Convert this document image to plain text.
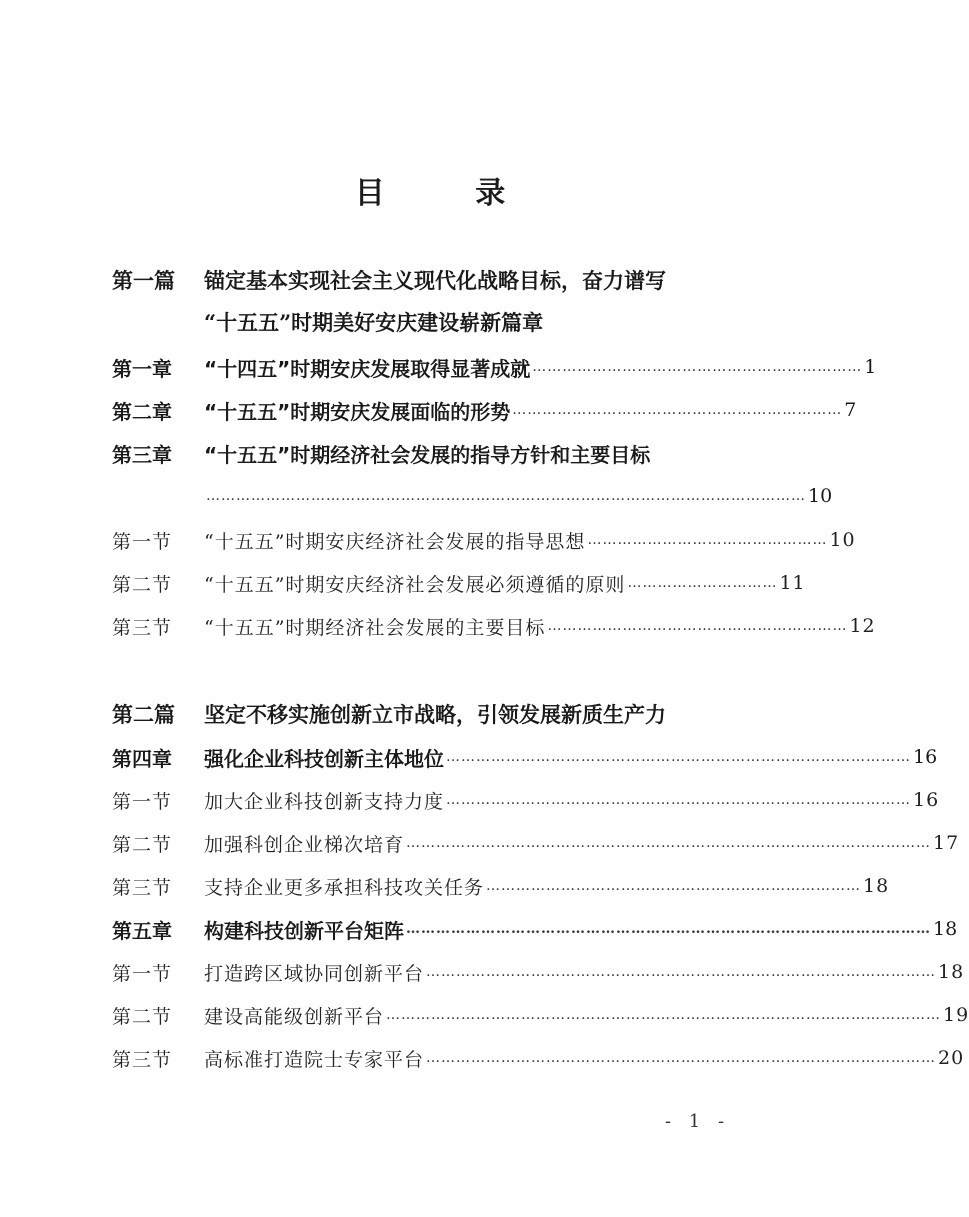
目 录
第一篇	锚定基本实现社会主义现代化战略目标，奋力谱写
“十五五”时期美好安庆建设崭新篇章
第一章	“十四五”时期安庆发展取得显著成就 ………………………………………………………… 1
第二章	“十五五”时期安庆发展面临的形势 ………………………………………………………… 7
第三章	“十五五”时期经济社会发展的指导方针和主要目标
………………………………………………………………………………………………………… 10
第一节	“十五五”时期安庆经济社会发展的指导思想 ………………………………………… 10
第二节	“十五五”时期安庆经济社会发展必须遵循的原则 ………………………… 11
第三节	“十五五”时期经济社会发展的主要目标 …………………………………………………… 12
第二篇	坚定不移实施创新立市战略，引领发展新质生产力
第四章	强化企业科技创新主体地位 ………………………………………………………………………………… 16
第一节	加大企业科技创新支持力度 ………………………………………………………………………………… 16
第二节	加强科创企业梯次培育 …………………………………………………………………………………………… 17
第三节	支持企业更多承担科技攻关任务 ………………………………………………………………… 18
第五章	构建科技创新平台矩阵 …………………………………………………………………………………………… 18
第一节	打造跨区域协同创新平台 ………………………………………………………………………………………… 18
第二节	建设高能级创新平台 ………………………………………………………………………………………………… 19
第三节	高标准打造院士专家平台 ………………………………………………………………………………………… 20
- 1 -
